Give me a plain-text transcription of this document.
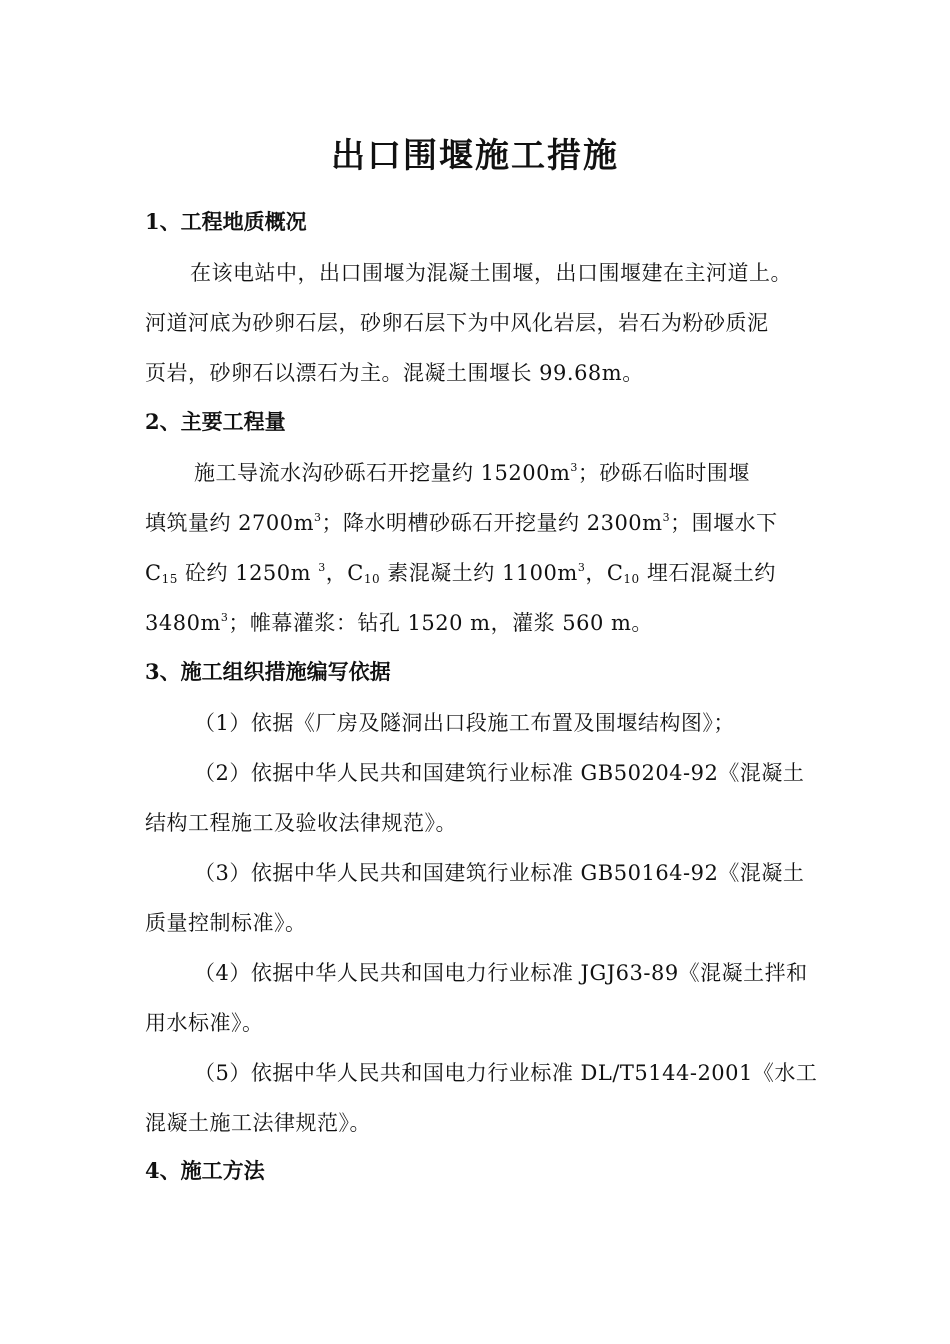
出口围堰施工措施
1、工程地质概况
在该电站中，出口围堰为混凝土围堰，出口围堰建在主河道上。
河道河底为砂卵石层，砂卵石层下为中风化岩层，岩石为粉砂质泥
页岩，砂卵石以漂石为主。混凝土围堰长 99.68m。
2、主要工程量
施工导流水沟砂砾石开挖量约 $15200m^3$；砂砾石临时围堰
填筑量约 $2700m^3$；降水明槽砂砾石开挖量约 $2300m^3$；围堰水下
$C_{15}$ 砼约 1250m $^3$，$C_{10}$ 素混凝土约 $1100m^3$，$C_{10}$ 埋石混凝土约
$3480m^3$；帷幕灌浆：钻孔 1520 m，灌浆 560 m。
3、施工组织措施编写依据
（1）依据《厂房及隧洞出口段施工布置及围堰结构图》；
（2）依据中华人民共和国建筑行业标准 GB50204-92《混凝土
结构工程施工及验收法律规范》。
（3）依据中华人民共和国建筑行业标准 GB50164-92《混凝土
质量控制标准》。
（4）依据中华人民共和国电力行业标准 JGJ63-89《混凝土拌和
用水标准》。
（5）依据中华人民共和国电力行业标准 DL/T5144-2001《水工
混凝土施工法律规范》。
4、施工方法
